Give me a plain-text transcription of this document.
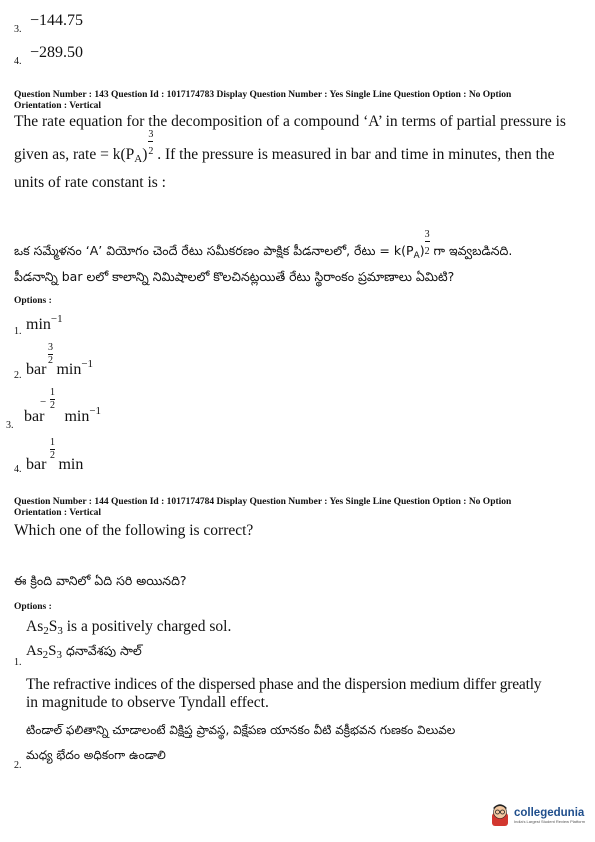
3.
−144.75
4.
−289.50
Question Number : 143 Question Id : 1017174783 Display Question Number : Yes Single Line Question Option : No Option
Orientation : Vertical
The rate equation for the decomposition of a compound ‘A’ in terms of partial pressure is
given as, rate = $k(P_A)$
$\frac{3}{2}$
. If the pressure is measured in bar and time in minutes, then the
units of rate constant is :
ఒక సమ్మేళనం ‘A’ వియోగం చెందే రేటు సమీకరణం పాక్షిక పీడనాలలో, రేటు = $k(P_A) \frac{3}{2}$ గా ఇవ్వబడినది.
పీడనాన్ని bar లలో కాలాన్ని నిమిషాలలో కొలచినట్లయితే రేటు స్థిరాంకం ప్రమాణాలు ఏమిటి?
Options :
1. $\min^{-1}$
2.
3
2
bar $\min^{-1}$
3.
−
1
2
bar $\min^{-1}$
4.
1
2
bar min
Question Number : 144 Question Id : 1017174784 Display Question Number : Yes Single Line Question Option : No Option
Orientation : Vertical
Which one of the following is correct?
ఈ క్రింది వానిలో ఏది సరి అయినది?
Options :
As2S3 is a positively charged sol.
$As_2S_3$ ధనావేశపు సాల్
1.
The refractive indices of the dispersed phase and the dispersion medium differ greatly
in magnitude to observe Tyndall effect.
టిండాల్ ఫలితాన్ని చూడాలంటే విక్షిప్త ప్రావస్థ, విక్షేపణ యానకం వీటి వక్రీభవన గుణకం విలువల
మధ్య భేదం అధికంగా ఉండాలి
2.
collegedunia
India's Largest Student Review Platform
